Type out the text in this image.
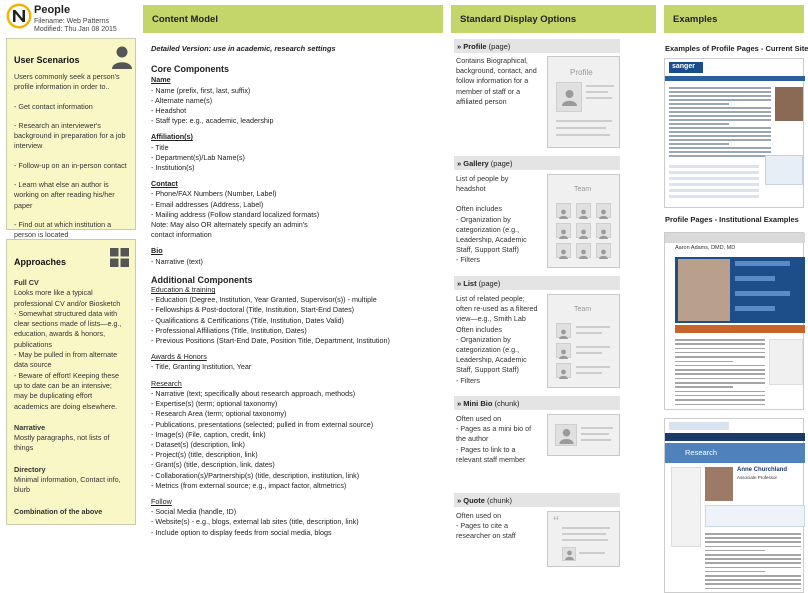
People
Filename: Web Patterns
Modified: Thu Jan 08 2015
User Scenarios

Users commonly seek a person's profile information in order to..

- Get contact information

- Research an interviewer's background in preparation for a job interview

- Follow-up on an in-person contact

- Learn what else an author is working on after reading his/her paper

- Find out at which institution a person is located

Approaches
Full CV
Looks more like a typical
professional CV and/or Biosketch
- Somewhat structured data with
clear sections made of lists—e.g.,
education, awards & honors,
publications
- May be pulled in from alternate
data source
- Beware of effort! Keeping these
up to date can be an intensive;
may be duplicating effort
academics are doing elsewhere.
Narrative
Mostly paragraphs, not lists of
things
Directory
Minimal information, Contact info,
blurb
Combination of the above
Content Model	Standard Display Options	Examples
Detailed Version: use in academic, research settings
Core Components
Name
- Name (prefix, first, last, suffix)
- Alternate name(s)
- Headshot
- Staff type: e.g., academic, leadership
Affiliation(s)
- Title
- Department(s)/Lab Name(s)
- Institution(s)
Contact
- Phone/FAX Numbers (Number, Label)
- Email addresses (Address, Label)
- Mailing address (Follow standard localized formats)
Note: May also OR alternately specify an admin's
contact information
Bio
- Narrative (text)
Additional Components
Education & training
- Education (Degree, Institution, Year Granted, Supervisor(s)) - multiple
- Fellowships & Post-doctoral (Title, Institution, Start-End Dates)
- Qualifications & Certifications (Title, Institution, Dates Valid)
- Professional Affiliations (Title, Institution, Dates)
- Previous Positions (Start-End Date, Position Title, Department, Institution)
Awards & Honors
- Title, Granting Institution, Year
Research
- Narrative (text; specifically about research approach, methods)
- Expertise(s) (term; optional taxonomy)
- Research Area (term; optional taxonomy)
- Publications, presentations (selected; pulled in from external source)
- Image(s) (File, caption, credit, link)
- Dataset(s) (description, link)
- Project(s) (title, description, link)
- Grant(s) (title, description, link, dates)
- Collaboration(s)/Partnership(s) (title, description, institution, link)
- Metrics (from external source; e.g., impact factor, altmetrics)
Follow
- Social Media (handle, ID)
- Website(s) - e.g., blogs, external lab sites (title, description, link)
- Include option to display feeds from social media, blogs
» Profile (page)
Contains Biographical,
background, contact, and
follow information for a
member of staff or a
affiliated person
Profile
» Gallery (page)
List of people by
headshot
Often includes
- Organization by
categorization (e.g.,
Leadership, Academic
Staff, Support Staff)
- Filters
Team
» List (page)
List of related people;
often re-used as a filtered
view—e.g., Smith Lab
Often includes
- Organization by
categorization (e.g.,
Leadership, Academic
Staff, Support Staff)
- Filters
Team
» Mini Bio (chunk)
Often used on
- Pages as a mini bio of
the author
- Pages to link to a
relevant staff member
» Quote (chunk)
Often used on
- Pages to cite a
researcher on staff
“
Examples of Profile Pages - Current Site
sanger
Profile Pages - Institutional Examples
Aaron Adams, DMD, MD
Research
Anne Churchland
Associate Professor
